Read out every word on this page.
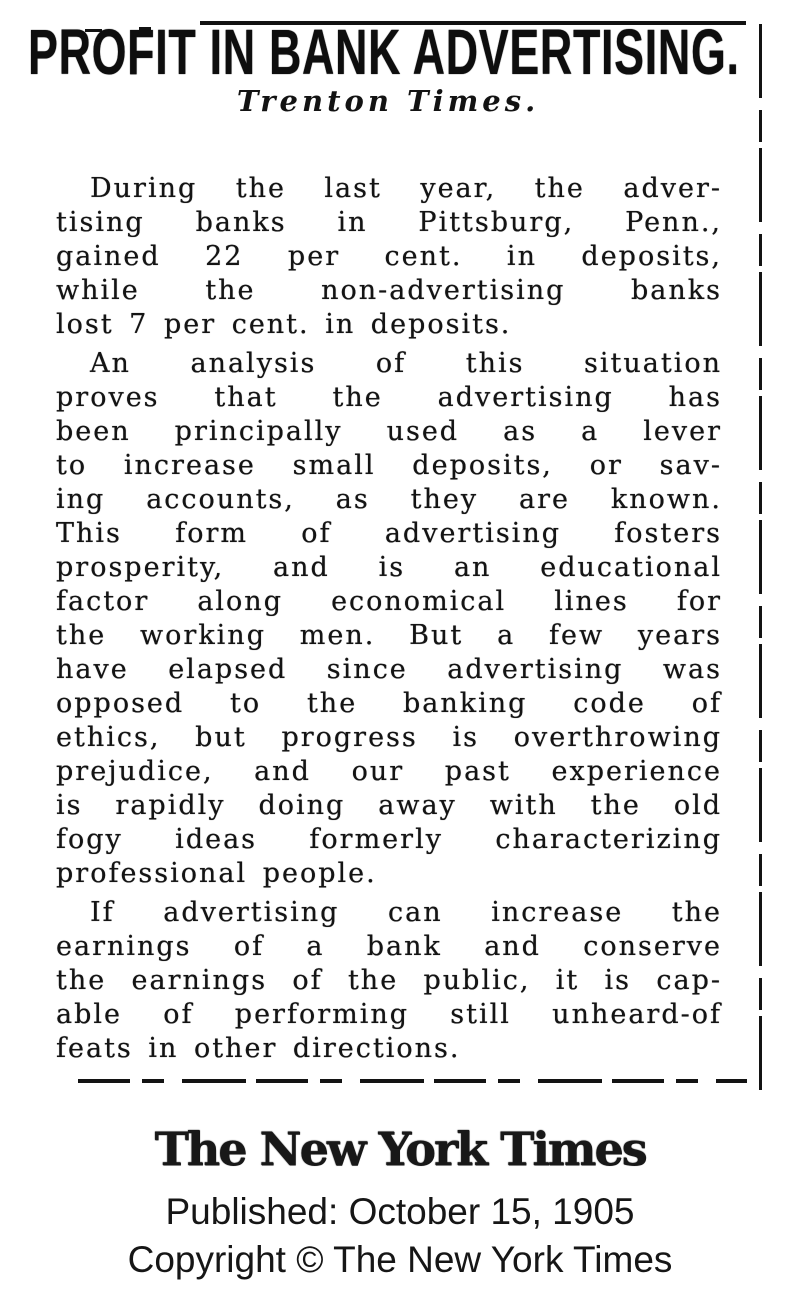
PROFIT IN BANK ADVERTISING.
Trenton Times.
During the last year, the adver-
tising banks in Pittsburg, Penn.,
gained 22 per cent. in deposits,
while the non-advertising banks
lost 7 per cent. in deposits.
An analysis of this situation
proves that the advertising has
been principally used as a lever
to increase small deposits, or sav-
ing accounts, as they are known.
This form of advertising fosters
prosperity, and is an educational
factor along economical lines for
the working men. But a few years
have elapsed since advertising was
opposed to the banking code of
ethics, but progress is overthrowing
prejudice, and our past experience
is rapidly doing away with the old
fogy ideas formerly characterizing
professional people.
If advertising can increase the
earnings of a bank and conserve
the earnings of the public, it is cap-
able of performing still unheard-of
feats in other directions.
The New York Times
Published: October 15, 1905
Copyright © The New York Times
